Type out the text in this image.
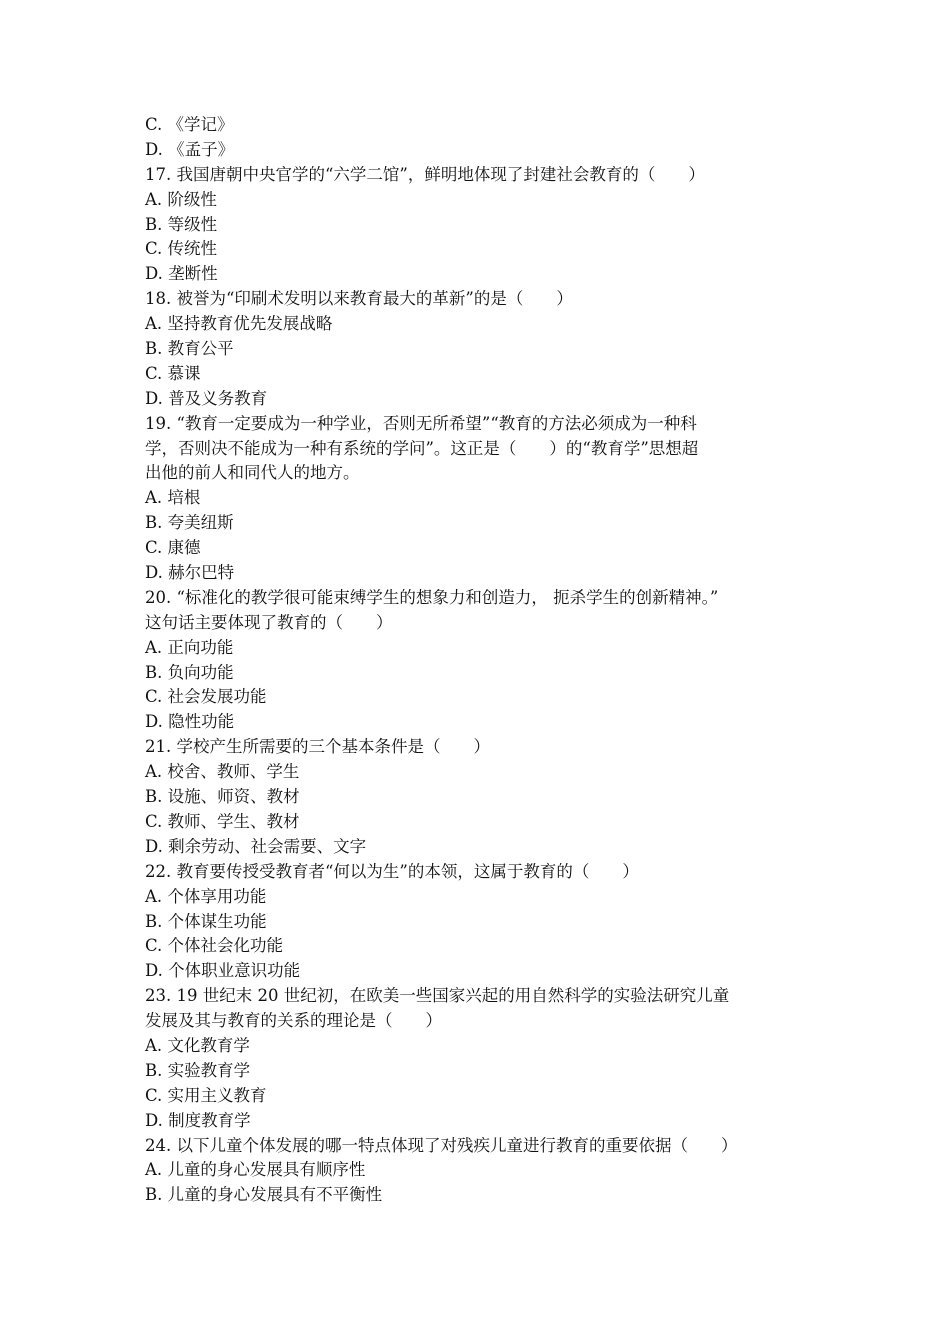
C. 《学记》
D. 《孟子》
17. 我国唐朝中央官学的“六学二馆”，鲜明地体现了封建社会教育的（　　）
A. 阶级性
B. 等级性
C. 传统性
D. 垄断性
18. 被誉为“印刷术发明以来教育最大的革新”的是（　　）
A. 坚持教育优先发展战略
B. 教育公平
C. 慕课
D. 普及义务教育
19. “教育一定要成为一种学业，否则无所希望”“教育的方法必须成为一种科
学，否则决不能成为一种有系统的学问”。这正是（　　）的“教育学”思想超
出他的前人和同代人的地方。
A. 培根
B. 夸美纽斯
C. 康德
D. 赫尔巴特
20. “标准化的教学很可能束缚学生的想象力和创造力， 扼杀学生的创新精神。”
这句话主要体现了教育的（　　）
A. 正向功能
B. 负向功能
C. 社会发展功能
D. 隐性功能
21. 学校产生所需要的三个基本条件是（　　）
A. 校舍、教师、学生
B. 设施、师资、教材
C. 教师、学生、教材
D. 剩余劳动、社会需要、文字
22. 教育要传授受教育者“何以为生”的本领，这属于教育的（　　）
A. 个体享用功能
B. 个体谋生功能
C. 个体社会化功能
D. 个体职业意识功能
23. 19 世纪末 20 世纪初，在欧美一些国家兴起的用自然科学的实验法研究儿童
发展及其与教育的关系的理论是（　　）
A. 文化教育学
B. 实验教育学
C. 实用主义教育
D. 制度教育学
24. 以下儿童个体发展的哪一特点体现了对残疾儿童进行教育的重要依据（　　）
A. 儿童的身心发展具有顺序性
B. 儿童的身心发展具有不平衡性
